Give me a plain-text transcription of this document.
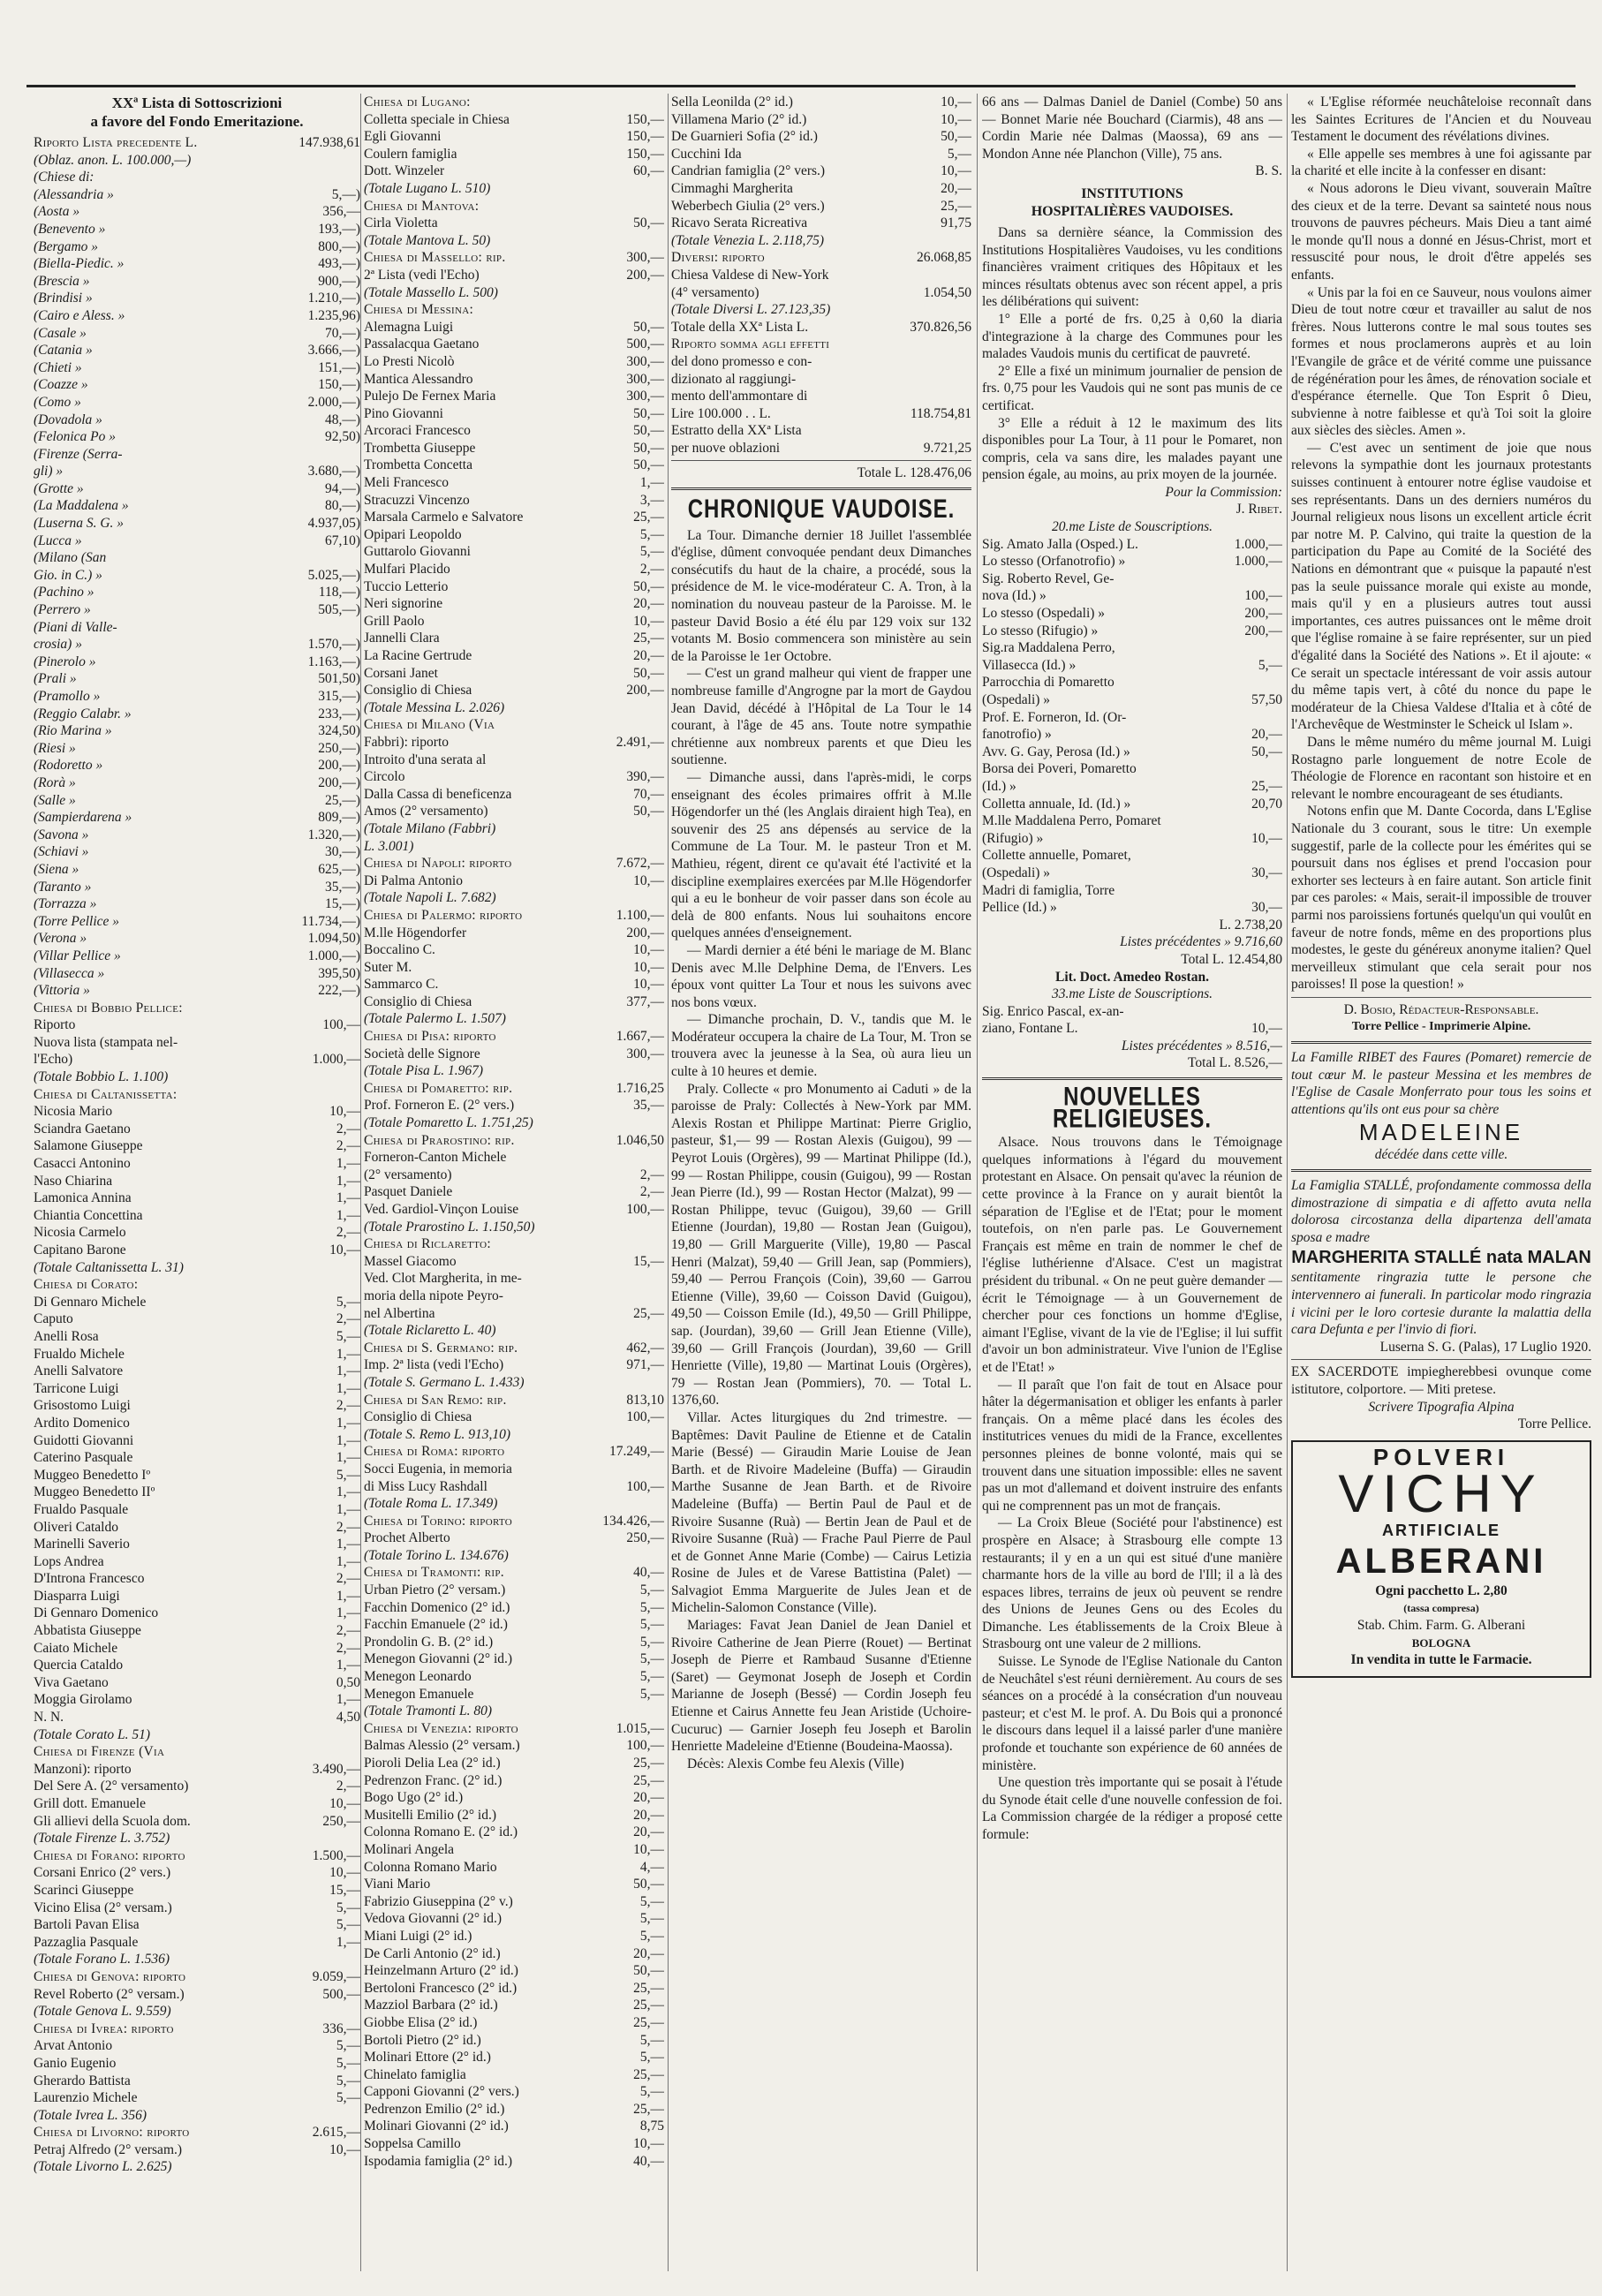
XXª Lista di Sottoscrizioni
a favore del Fondo Emeritazione.
Riporto Lista precedente L.	147.938,61
(Oblaz. anon. L. 100.000,—)
(Chiese di:
(Alessandria »	5,—)
(Aosta »	356,—
(Benevento »	193,—)
(Bergamo »	800,—)
(Biella-Piedic. »	493,—)
(Brescia »	900,—)
(Brindisi »	1.210,—)
(Cairo e Aless. »	1.235,96)
(Casale »	70,—)
(Catania »	3.666,—)
(Chieti »	151,—)
(Coazze »	150,—)
(Como »	2.000,—)
(Dovadola »	48,—)
(Felonica Po »	92,50)
(Firenze (Serra-
gli) »	3.680,—)
(Grotte »	94,—)
(La Maddalena »	80,—)
(Luserna S. G. »	4.937,05)
(Lucca »	67,10)
(Milano (San
Gio. in C.) »	5.025,—)
(Pachino »	118,—)
(Perrero »	505,—)
(Piani di Valle-
crosia) »	1.570,—)
(Pinerolo »	1.163,—)
(Prali »	501,50)
(Pramollo »	315,—)
(Reggio Calabr. »	233,—)
(Rio Marina »	324,50)
(Riesi »	250,—)
(Rodoretto »	200,—)
(Rorà »	200,—)
(Salle »	25,—)
(Sampierdarena »	809,—)
(Savona »	1.320,—)
(Schiavi »	30,—)
(Siena »	625,—)
(Taranto »	35,—)
(Torrazza »	15,—)
(Torre Pellice »	11.734,—)
(Verona »	1.094,50)
(Villar Pellice »	1.000,—)
(Villasecca »	395,50)
(Vittoria »	222,—)
Chiesa di Bobbio Pellice:
Riporto	100,—
Nuova lista (stampata nel-
l'Echo)	1.000,—
(Totale Bobbio L. 1.100)
Chiesa di Caltanissetta:
Nicosia Mario	10,—
Sciandra Gaetano	2,—
Salamone Giuseppe	2,—
Casacci Antonino	1,—
Naso Chiarina	1,—
Lamonica Annina	1,—
Chiantia Concettina	1,—
Nicosia Carmelo	2,—
Capitano Barone	10,—
(Totale Caltanissetta L. 31)
Chiesa di Corato:
Di Gennaro Michele	5,—
Caputo	2,—
Anelli Rosa	5,—
Frualdo Michele	1,—
Anelli Salvatore	1,—
Tarricone Luigi	1,—
Grisostomo Luigi	2,—
Ardito Domenico	1,—
Guidotti Giovanni	1,—
Caterino Pasquale	1,—
Muggeo Benedetto Iº	5,—
Muggeo Benedetto IIº	1,—
Frualdo Pasquale	1,—
Oliveri Cataldo	2,—
Marinelli Saverio	1,—
Lops Andrea	1,—
D'Introna Francesco	2,—
Diasparra Luigi	1,—
Di Gennaro Domenico	1,—
Abbatista Giuseppe	2,—
Caiato Michele	2,—
Quercia Cataldo	1,—
Viva Gaetano	0,50
Moggia Girolamo	1,—
N. N.	4,50
(Totale Corato L. 51)
Chiesa di Firenze (Via
Manzoni): riporto	3.490,—
Del Sere A. (2° versamento)	2,—
Grill dott. Emanuele	10,—
Gli allievi della Scuola dom.	250,—
(Totale Firenze L. 3.752)
Chiesa di Forano: riporto	1.500,—
Corsani Enrico (2° vers.)	10,—
Scarinci Giuseppe	15,—
Vicino Elisa (2° versam.)	5,—
Bartoli Pavan Elisa	5,—
Pazzaglia Pasquale	1,—
(Totale Forano L. 1.536)
Chiesa di Genova: riporto	9.059,—
Revel Roberto (2° versam.)	500,—
(Totale Genova L. 9.559)
Chiesa di Ivrea: riporto	336,—
Arvat Antonio	5,—
Ganio Eugenio	5,—
Gherardo Battista	5,—
Laurenzio Michele	5,—
(Totale Ivrea L. 356)
Chiesa di Livorno: riporto	2.615,—
Petraj Alfredo (2° versam.)	10,—
(Totale Livorno L. 2.625)
Chiesa di Lugano:
Colletta speciale in Chiesa	150,—
Egli Giovanni	150,—
Coulern famiglia	150,—
Dott. Winzeler	60,—
(Totale Lugano L. 510)
Chiesa di Mantova:
Cirla Violetta	50,—
(Totale Mantova L. 50)
Chiesa di Massello: rip.	300,—
2ª Lista (vedi l'Echo)	200,—
(Totale Massello L. 500)
Chiesa di Messina:
Alemagna Luigi	50,—
Passalacqua Gaetano	500,—
Lo Presti Nicolò	300,—
Mantica Alessandro	300,—
Pulejo De Fernex Maria	300,—
Pino Giovanni	50,—
Arcoraci Francesco	50,—
Trombetta Giuseppe	50,—
Trombetta Concetta	50,—
Meli Francesco	1,—
Stracuzzi Vincenzo	3,—
Marsala Carmelo e Salvatore	25,—
Opipari Leopoldo	5,—
Guttarolo Giovanni	5,—
Mulfari Placido	2,—
Tuccio Letterio	50,—
Neri signorine	20,—
Grill Paolo	10,—
Jannelli Clara	25,—
La Racine Gertrude	20,—
Corsani Janet	50,—
Consiglio di Chiesa	200,—
(Totale Messina L. 2.026)
Chiesa di Milano (Via
Fabbri): riporto	2.491,—
Introito d'una serata al
Circolo	390,—
Dalla Cassa di beneficenza	70,—
Amos (2° versamento)	50,—
(Totale Milano (Fabbri)
L. 3.001)
Chiesa di Napoli: riporto	7.672,—
Di Palma Antonio	10,—
(Totale Napoli L. 7.682)
Chiesa di Palermo: riporto	1.100,—
M.lle Högendorfer	200,—
Boccalino C.	10,—
Suter M.	10,—
Sammarco C.	10,—
Consiglio di Chiesa	377,—
(Totale Palermo L. 1.507)
Chiesa di Pisa: riporto	1.667,—
Società delle Signore	300,—
(Totale Pisa L. 1.967)
Chiesa di Pomaretto: rip.	1.716,25
Prof. Forneron E. (2° vers.)	35,—
(Totale Pomaretto L. 1.751,25)
Chiesa di Prarostino: rip.	1.046,50
Forneron-Canton Michele
(2° versamento)	2,—
Pasquet Daniele	2,—
Ved. Gardiol-Vinçon Louise	100,—
(Totale Prarostino L. 1.150,50)
Chiesa di Riclaretto:
Massel Giacomo	15,—
Ved. Clot Margherita, in me-
moria della nipote Peyro-
nel Albertina	25,—
(Totale Riclaretto L. 40)
Chiesa di S. Germano: rip.	462,—
Imp. 2ª lista (vedi l'Echo)	971,—
(Totale S. Germano L. 1.433)
Chiesa di San Remo: rip.	813,10
Consiglio di Chiesa	100,—
(Totale S. Remo L. 913,10)
Chiesa di Roma: riporto	17.249,—
Socci Eugenia, in memoria
di Miss Lucy Rashdall	100,—
(Totale Roma L. 17.349)
Chiesa di Torino: riporto	134.426,—
Prochet Alberto	250,—
(Totale Torino L. 134.676)
Chiesa di Tramonti: rip.	40,—
Urban Pietro (2° versam.)	5,—
Facchin Domenico (2° id.)	5,—
Facchin Emanuele (2° id.)	5,—
Prondolin G. B. (2° id.)	5,—
Menegon Giovanni (2° id.)	5,—
Menegon Leonardo	5,—
Menegon Emanuele	5,—
(Totale Tramonti L. 80)
Chiesa di Venezia: riporto	1.015,—
Balmas Alessio (2° versam.)	100,—
Pioroli Delia Lea (2° id.)	25,—
Pedrenzon Franc. (2° id.)	25,—
Bogo Ugo (2° id.)	20,—
Musitelli Emilio (2° id.)	20,—
Colonna Romano E. (2° id.)	20,—
Molinari Angela	10,—
Colonna Romano Mario	4,—
Viani Mario	50,—
Fabrizio Giuseppina (2° v.)	5,—
Vedova Giovanni (2° id.)	5,—
Miani Luigi (2° id.)	5,—
De Carli Antonio (2° id.)	20,—
Heinzelmann Arturo (2° id.)	50,—
Bertoloni Francesco (2° id.)	25,—
Mazziol Barbara (2° id.)	25,—
Giobbe Elisa (2° id.)	25,—
Bortoli Pietro (2° id.)	5,—
Molinari Ettore (2° id.)	5,—
Chinelato famiglia	25,—
Capponi Giovanni (2° vers.)	5,—
Pedrenzon Emilio (2° id.)	25,—
Molinari Giovanni (2° id.)	8,75
Soppelsa Camillo	10,—
Ispodamia famiglia (2° id.)	40,—
Sella Leonilda (2° id.)	10,—
Villamena Mario (2° id.)	10,—
De Guarnieri Sofia (2° id.)	50,—
Cucchini Ida	5,—
Candrian famiglia (2° vers.)	10,—
Cimmaghi Margherita	20,—
Weberbech Giulia (2° vers.)	25,—
Ricavo Serata Ricreativa	91,75
(Totale Venezia L. 2.118,75)
Diversi: riporto	26.068,85
Chiesa Valdese di New-York
(4° versamento)	1.054,50
(Totale Diversi L. 27.123,35)
Totale della XXª Lista L.	370.826,56
Riporto somma agli effetti
del dono promesso e con-
dizionato al raggiungi-
mento dell'ammontare di
Lire 100.000 . . L.	118.754,81
Estratto della XXª Lista
per nuove oblazioni	9.721,25
Totale L. 128.476,06
CHRONIQUE VAUDOISE.

La Tour. Dimanche dernier 18 Juillet l'assemblée d'église, dûment convoquée pendant deux Dimanches consécutifs du haut de la chaire, a procédé, sous la présidence de M. le vice-modérateur C. A. Tron, à la nomination du nouveau pasteur de la Paroisse. M. le pasteur David Bosio a été élu par 129 voix sur 132 votants M. Bosio commencera son ministère au sein de la Paroisse le 1er Octobre.

— C'est un grand malheur qui vient de frapper une nombreuse famille d'Angrogne par la mort de Gaydou Jean David, décédé à l'Hôpital de La Tour le 14 courant, à l'âge de 45 ans. Toute notre sympathie chrétienne aux nombreux parents et que Dieu les soutienne.

— Dimanche aussi, dans l'après-midi, le corps enseignant des écoles primaires offrit à M.lle Högendorfer un thé (les Anglais diraient high Tea), en souvenir des 25 ans dépensés au service de la Commune de La Tour. M. le pasteur Tron et M. Mathieu, régent, dirent ce qu'avait été l'activité et la discipline exemplaires exercées par M.lle Högendorfer qui a eu le bonheur de voir passer dans son école au delà de 800 enfants. Nous lui souhaitons encore quelques années d'enseignement.

— Mardi dernier a été béni le mariage de M. Blanc Denis avec M.lle Delphine Dema, de l'Envers. Les époux vont quitter La Tour et nous les suivons avec nos bons vœux.

— Dimanche prochain, D. V., tandis que M. le Modérateur occupera la chaire de La Tour, M. Tron se trouvera avec la jeunesse à la Sea, où aura lieu un culte à 10 heures et demie.

Praly. Collecte « pro Monumento ai Caduti » de la paroisse de Praly: Collectés à New-York par MM. Alexis Rostan et Philippe Martinat: Pierre Griglio, pasteur, $1,— 99 — Rostan Alexis (Guigou), 99 — Peyrot Louis (Orgères), 99 — Martinat Philippe (Id.), 99 — Rostan Philippe, cousin (Guigou), 99 — Rostan Jean Pierre (Id.), 99 — Rostan Hector (Malzat), 99 — Rostan Philippe, tevuc (Guigou), 39,60 — Grill Etienne (Jourdan), 19,80 — Rostan Jean (Guigou), 19,80 — Grill Marguerite (Ville), 19,80 — Pascal Henri (Malzat), 59,40 — Grill Jean, sap (Pommiers), 59,40 — Perrou François (Coin), 39,60 — Garrou Etienne (Ville), 39,60 — Coisson David (Guigou), 49,50 — Coisson Emile (Id.), 49,50 — Grill Philippe, sap. (Jourdan), 39,60 — Grill Jean Etienne (Ville), 39,60 — Grill François (Jourdan), 39,60 — Grill Henriette (Ville), 19,80 — Martinat Louis (Orgères), 79 — Rostan Jean (Pommiers), 70. — Total L. 1376,60.

Villar. Actes liturgiques du 2nd trimestre. — Baptêmes: Davit Pauline de Etienne et de Catalin Marie (Bessé) — Giraudin Marie Louise de Jean Barth. et de Rivoire Madeleine (Buffa) — Giraudin Marthe Susanne de Jean Barth. et de Rivoire Madeleine (Buffa) — Bertin Paul de Paul et de Rivoire Susanne (Ruà) — Bertin Jean de Paul et de Rivoire Susanne (Ruà) — Frache Paul Pierre de Paul et de Gonnet Anne Marie (Combe) — Cairus Letizia Rosine de Jules et de Varese Battistina (Palet) — Salvagiot Emma Marguerite de Jules Jean et de Michelin-Salomon Constance (Ville).

Mariages: Favat Jean Daniel de Jean Daniel et Rivoire Catherine de Jean Pierre (Rouet) — Bertinat Joseph de Pierre et Rambaud Susanne d'Etienne (Saret) — Geymonat Joseph de Joseph et Cordin Marianne de Joseph (Bessé) — Cordin Joseph feu Etienne et Cairus Annette feu Jean Aristide (Uchoire-Cucuruc) — Garnier Joseph feu Joseph et Barolin Henriette Madeleine d'Etienne (Boudeina-Maossa).

Décès: Alexis Combe feu Alexis (Ville)

66 ans — Dalmas Daniel de Daniel (Combe) 50 ans — Bonnet Marie née Bouchard (Ciarmis), 48 ans — Cordin Marie née Dalmas (Maossa), 69 ans — Mondon Anne née Planchon (Ville), 75 ans.

B. S.
INSTITUTIONS
HOSPITALIÈRES VAUDOISES.

Dans sa dernière séance, la Commission des Institutions Hospitalières Vaudoises, vu les conditions financières vraiment critiques des Hôpitaux et les minces résultats obtenus avec son récent appel, a pris les délibérations qui suivent:

1° Elle a porté de frs. 0,25 à 0,60 la diaria d'integrazione à la charge des Communes pour les malades Vaudois munis du certificat de pauvreté.

2° Elle a fixé un minimum journalier de pension de frs. 0,75 pour les Vaudois qui ne sont pas munis de ce certificat.

3° Elle a réduit à 12 le maximum des lits disponibles pour La Tour, à 11 pour le Pomaret, non compris, cela va sans dire, les malades payant une pension égale, au moins, au prix moyen de la journée.

Pour la Commission:
J. Ribet.
20.me Liste de Souscriptions.
Sig. Amato Jalla (Osped.) L.	1.000,—
Lo stesso (Orfanotrofio) »	1.000,—
Sig. Roberto Revel, Ge-
nova (Id.) »	100,—
Lo stesso (Ospedali) »	200,—
Lo stesso (Rifugio) »	200,—
Sig.ra Maddalena Perro,
Villasecca (Id.) »	5,—
Parrocchia di Pomaretto
(Ospedali) »	57,50
Prof. E. Forneron, Id. (Or-
fanotrofio) »	20,—
Avv. G. Gay, Perosa (Id.) »	50,—
Borsa dei Poveri, Pomaretto
(Id.) »	25,—
Colletta annuale, Id. (Id.) »	20,70
M.lle Maddalena Perro, Pomaret
(Rifugio) »	10,—
Collette annuelle, Pomaret,
(Ospedali) »	30,—
Madri di famiglia, Torre
Pellice (Id.) »	30,—
L. 2.738,20
Listes précédentes » 9.716,60
Total L. 12.454,80
Lit. Doct. Amedeo Rostan.
33.me Liste de Souscriptions.
Sig. Enrico Pascal, ex-an-
ziano, Fontane L.	10,—
Listes précédentes » 8.516,—
Total L. 8.526,—
NOUVELLES RELIGIEUSES.

Alsace. Nous trouvons dans le Témoignage quelques informations à l'égard du mouvement protestant en Alsace. On pensait qu'avec la réunion de cette province à la France on y aurait bientôt la séparation de l'Eglise et de l'Etat; pour le moment toutefois, on n'en parle pas. Le Gouvernement Français est même en train de nommer le chef de l'église luthérienne d'Alsace. C'est un magistrat président du tribunal. « On ne peut guère demander — écrit le Témoignage — à un Gouvernement de chercher pour ces fonctions un homme d'Eglise, aimant l'Eglise, vivant de la vie de l'Eglise; il lui suffit d'avoir un bon administrateur. Vive l'union de l'Eglise et de l'Etat! »

— Il paraît que l'on fait de tout en Alsace pour hâter la dégermanisation et obliger les enfants à parler français. On a même placé dans les écoles des institutrices venues du midi de la France, excellentes personnes pleines de bonne volonté, mais qui se trouvent dans une situation impossible: elles ne savent pas un mot d'allemand et doivent instruire des enfants qui ne comprennent pas un mot de français.

— La Croix Bleue (Société pour l'abstinence) est prospère en Alsace; à Strasbourg elle compte 13 restaurants; il y en a un qui est situé d'une manière charmante hors de la ville au bord de l'Ill; il a là des espaces libres, terrains de jeux où peuvent se rendre des Unions de Jeunes Gens ou des Ecoles du Dimanche. Les établissements de la Croix Bleue à Strasbourg ont une valeur de 2 millions.

Suisse. Le Synode de l'Eglise Nationale du Canton de Neuchâtel s'est réuni dernièrement. Au cours de ses séances on a procédé à la consécration d'un nouveau pasteur; et c'est M. le prof. A. Du Bois qui a prononcé le discours dans lequel il a laissé parler d'une manière profonde et touchante son expérience de 60 années de ministère.

Une question très importante qui se posait à l'étude du Synode était celle d'une nouvelle confession de foi. La Commission chargée de la rédiger a proposé cette formule:

« L'Eglise réformée neuchâteloise reconnaît dans les Saintes Ecritures de l'Ancien et du Nouveau Testament le document des révélations divines.

« Elle appelle ses membres à une foi agissante par la charité et elle incite à la confesser en disant:

« Nous adorons le Dieu vivant, souverain Maître des cieux et de la terre. Devant sa sainteté nous nous trouvons de pauvres pécheurs. Mais Dieu a tant aimé le monde qu'Il nous a donné en Jésus-Christ, mort et ressuscité pour nous, le droit d'être appelés ses enfants.

« Unis par la foi en ce Sauveur, nous voulons aimer Dieu de tout notre cœur et travailler au salut de nos frères. Nous lutterons contre le mal sous toutes ses formes et nous proclamerons auprès et au loin l'Evangile de grâce et de vérité comme une puissance de régénération pour les âmes, de rénovation sociale et d'espérance éternelle. Que Ton Esprit ô Dieu, subvienne à notre faiblesse et qu'à Toi soit la gloire aux siècles des siècles. Amen ».

— C'est avec un sentiment de joie que nous relevons la sympathie dont les journaux protestants suisses continuent à entourer notre église vaudoise et ses représentants. Dans un des derniers numéros du Journal religieux nous lisons un excellent article écrit par notre M. P. Calvino, qui traite la question de la participation du Pape au Comité de la Société des Nations en démontrant que « puisque la papauté n'est pas la seule puissance morale qui existe au monde, mais qu'il y en a plusieurs autres tout aussi importantes, ces autres puissances ont le même droit que l'église romaine à se faire représenter, sur un pied d'égalité dans la Société des Nations ». Et il ajoute: « Ce serait un spectacle intéressant de voir assis autour du même tapis vert, à côté du nonce du pape le modérateur de la Chiesa Valdese d'Italia et à côté de l'Archevêque de Westminster le Scheick ul Islam ».

Dans le même numéro du même journal M. Luigi Rostagno parle longuement de notre Ecole de Théologie de Florence en racontant son histoire et en relevant le nombre encourageant de ses étudiants.

Notons enfin que M. Dante Cocorda, dans L'Eglise Nationale du 3 courant, sous le titre: Un exemple suggestif, parle de la collecte pour les émérites qui se poursuit dans nos églises et prend l'occasion pour exhorter ses lecteurs à en faire autant. Son article finit par ces paroles: « Mais, serait-il impossible de trouver parmi nos paroissiens fortunés quelqu'un qui voulût en faveur de notre fonds, même en des proportions plus modestes, le geste du généreux anonyme italien? Quel merveilleux stimulant que cela serait pour nos paroisses! Il pose la question! »

D. Bosio, Rédacteur-Responsable.
Torre Pellice - Imprimerie Alpine.

La Famille RIBET des Faures (Pomaret) remercie de tout cœur M. le pasteur Messina et les membres de l'Eglise de Casale Monferrato pour tous les soins et attentions qu'ils ont eus pour sa chère

MADELEINE
décédée dans cette ville.

La Famiglia STALLÉ, profondamente commossa della dimostrazione di simpatia e di affetto avuta nella dolorosa circostanza della dipartenza dell'amata sposa e madre

MARGHERITA STALLÉ nata MALAN

sentitamente ringrazia tutte le persone che intervennero ai funerali. In particolar modo ringrazia i vicini per le loro cortesie durante la malattia della cara Defunta e per l'invio di fiori.

Luserna S. G. (Palas), 17 Luglio 1920.

EX SACERDOTE impiegherebbesi ovunque come istitutore, colportore. — Miti pretese.

Scrivere Tipografia Alpina
Torre Pellice.
POLVERI
VICHY
ARTIFICIALE
ALBERANI
Ogni pacchetto L. 2,80
(tassa compresa)
Stab. Chim. Farm. G. Alberani
BOLOGNA
In vendita in tutte le Farmacie.
